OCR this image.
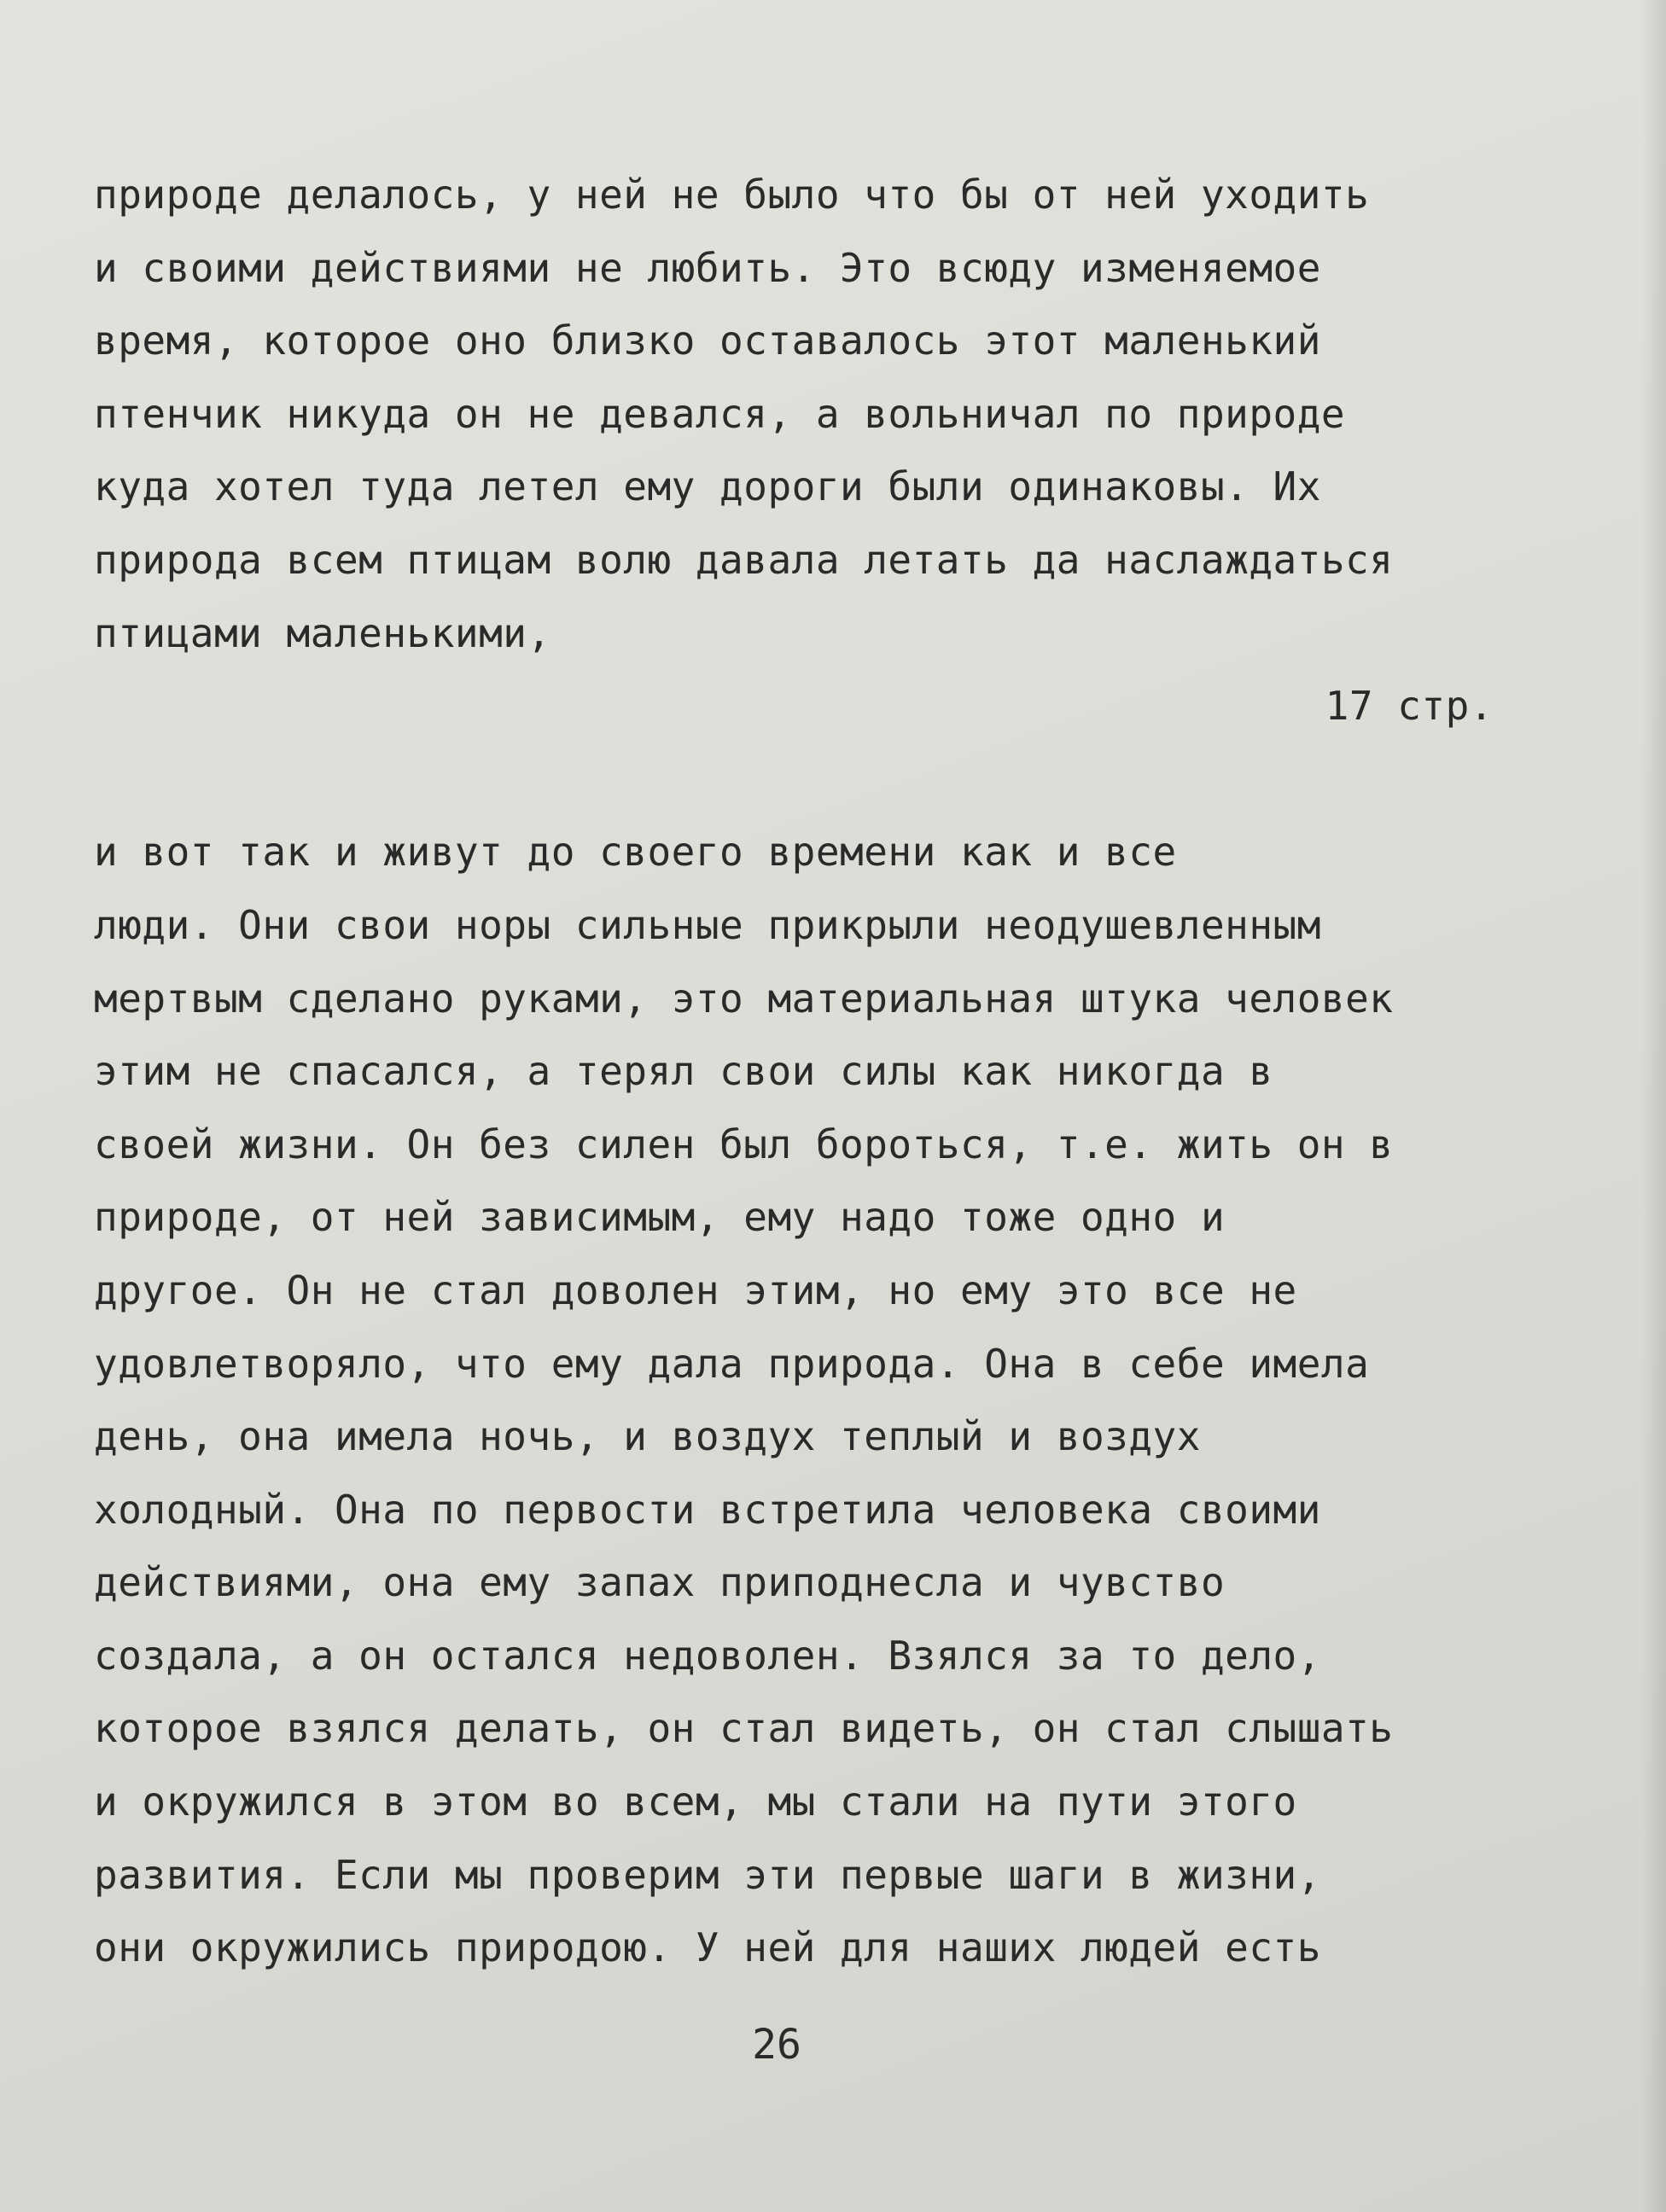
природе делалось, у ней не было что бы от ней уходить
и своими действиями не любить. Это всюду изменяемое
время, которое оно близко оставалось этот маленький
птенчик никуда он не девался, а вольничал по природе
куда хотел туда летел ему дороги были одинаковы. Их
природа всем птицам волю давала летать да наслаждаться
птицами маленькими,
17 стр.
и вот так и живут до своего времени как и все
люди. Они свои норы сильные прикрыли неодушевленным
мертвым сделано руками, это материальная штука человек
этим не спасался, а терял свои силы как никогда в
своей жизни. Он без силен был бороться, т.е. жить он в
природе, от ней зависимым, ему надо тоже одно и
другое. Он не стал доволен этим, но ему это все не
удовлетворяло, что ему дала природа. Она в себе имела
день, она имела ночь, и воздух теплый и воздух
холодный. Она по первости встретила человека своими
действиями, она ему запах приподнесла и чувство
создала, а он остался недоволен. Взялся за то дело,
которое взялся делать, он стал видеть, он стал слышать
и окружился в этом во всем, мы стали на пути этого
развития. Если мы проверим эти первые шаги в жизни,
они окружились природою. У ней для наших людей есть
26
